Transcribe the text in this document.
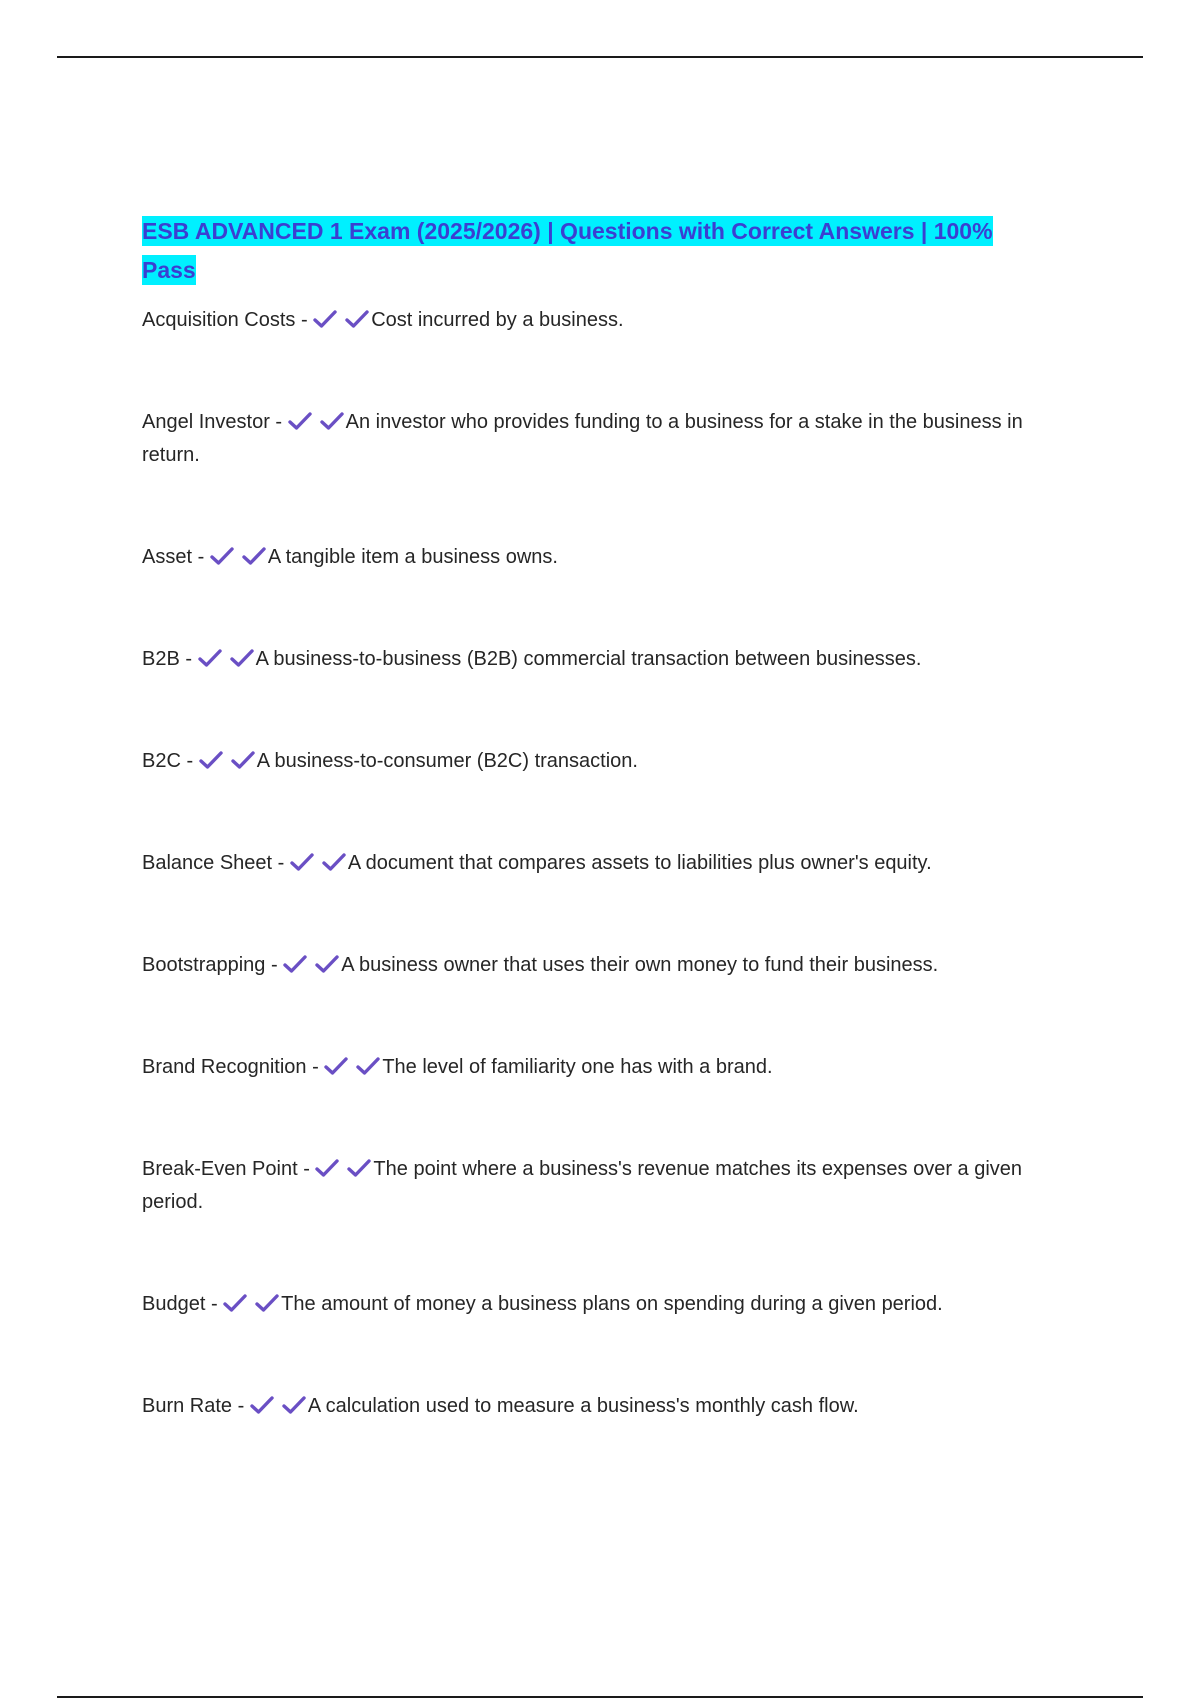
ESB ADVANCED 1 Exam (2025/2026) | Questions with Correct Answers | 100% Pass
Acquisition Costs -	Cost incurred by a business.
Angel Investor -	An investor who provides funding to a business for a stake in the business in return.
Asset -	A tangible item a business owns.
B2B -	A business-to-business (B2B) commercial transaction between businesses.
B2C -	A business-to-consumer (B2C) transaction.
Balance Sheet -	A document that compares assets to liabilities plus owner's equity.
Bootstrapping -	A business owner that uses their own money to fund their business.
Brand Recognition -	The level of familiarity one has with a brand.
Break-Even Point -	The point where a business's revenue matches its expenses over a given period.
Budget -	The amount of money a business plans on spending during a given period.
Burn Rate -	A calculation used to measure a business's monthly cash flow.
